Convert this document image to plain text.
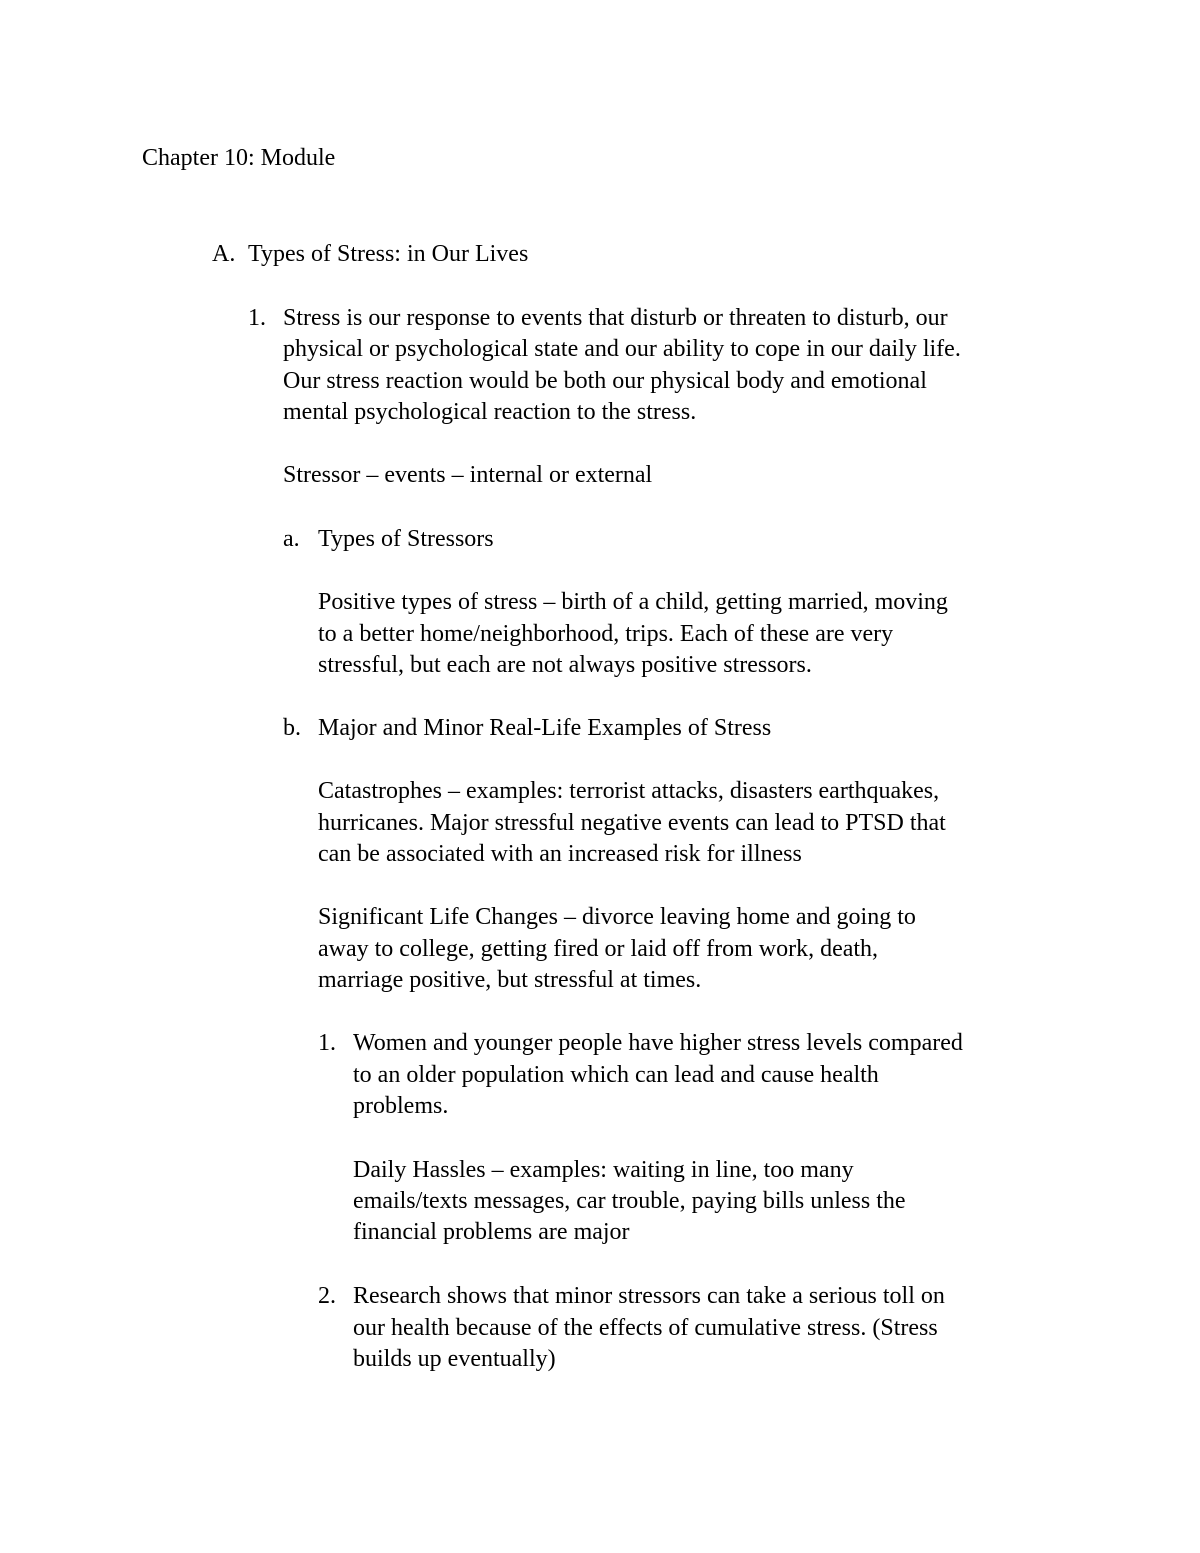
Chapter 10: Module
A. Types of Stress: in Our Lives
1. Stress is our response to events that disturb or threaten to disturb, our
physical or psychological state and our ability to cope in our daily life.
Our stress reaction would be both our physical body and emotional
mental psychological reaction to the stress.
Stressor – events – internal or external
a. Types of Stressors
Positive types of stress – birth of a child, getting married, moving
to a better home/neighborhood, trips. Each of these are very
stressful, but each are not always positive stressors.
b. Major and Minor Real-Life Examples of Stress
Catastrophes – examples: terrorist attacks, disasters earthquakes,
hurricanes. Major stressful negative events can lead to PTSD that
can be associated with an increased risk for illness
Significant Life Changes – divorce leaving home and going to
away to college, getting fired or laid off from work, death,
marriage positive, but stressful at times.
1. Women and younger people have higher stress levels compared
to an older population which can lead and cause health
problems.
Daily Hassles – examples: waiting in line, too many
emails/texts messages, car trouble, paying bills unless the
financial problems are major
2. Research shows that minor stressors can take a serious toll on
our health because of the effects of cumulative stress. (Stress
builds up eventually)
